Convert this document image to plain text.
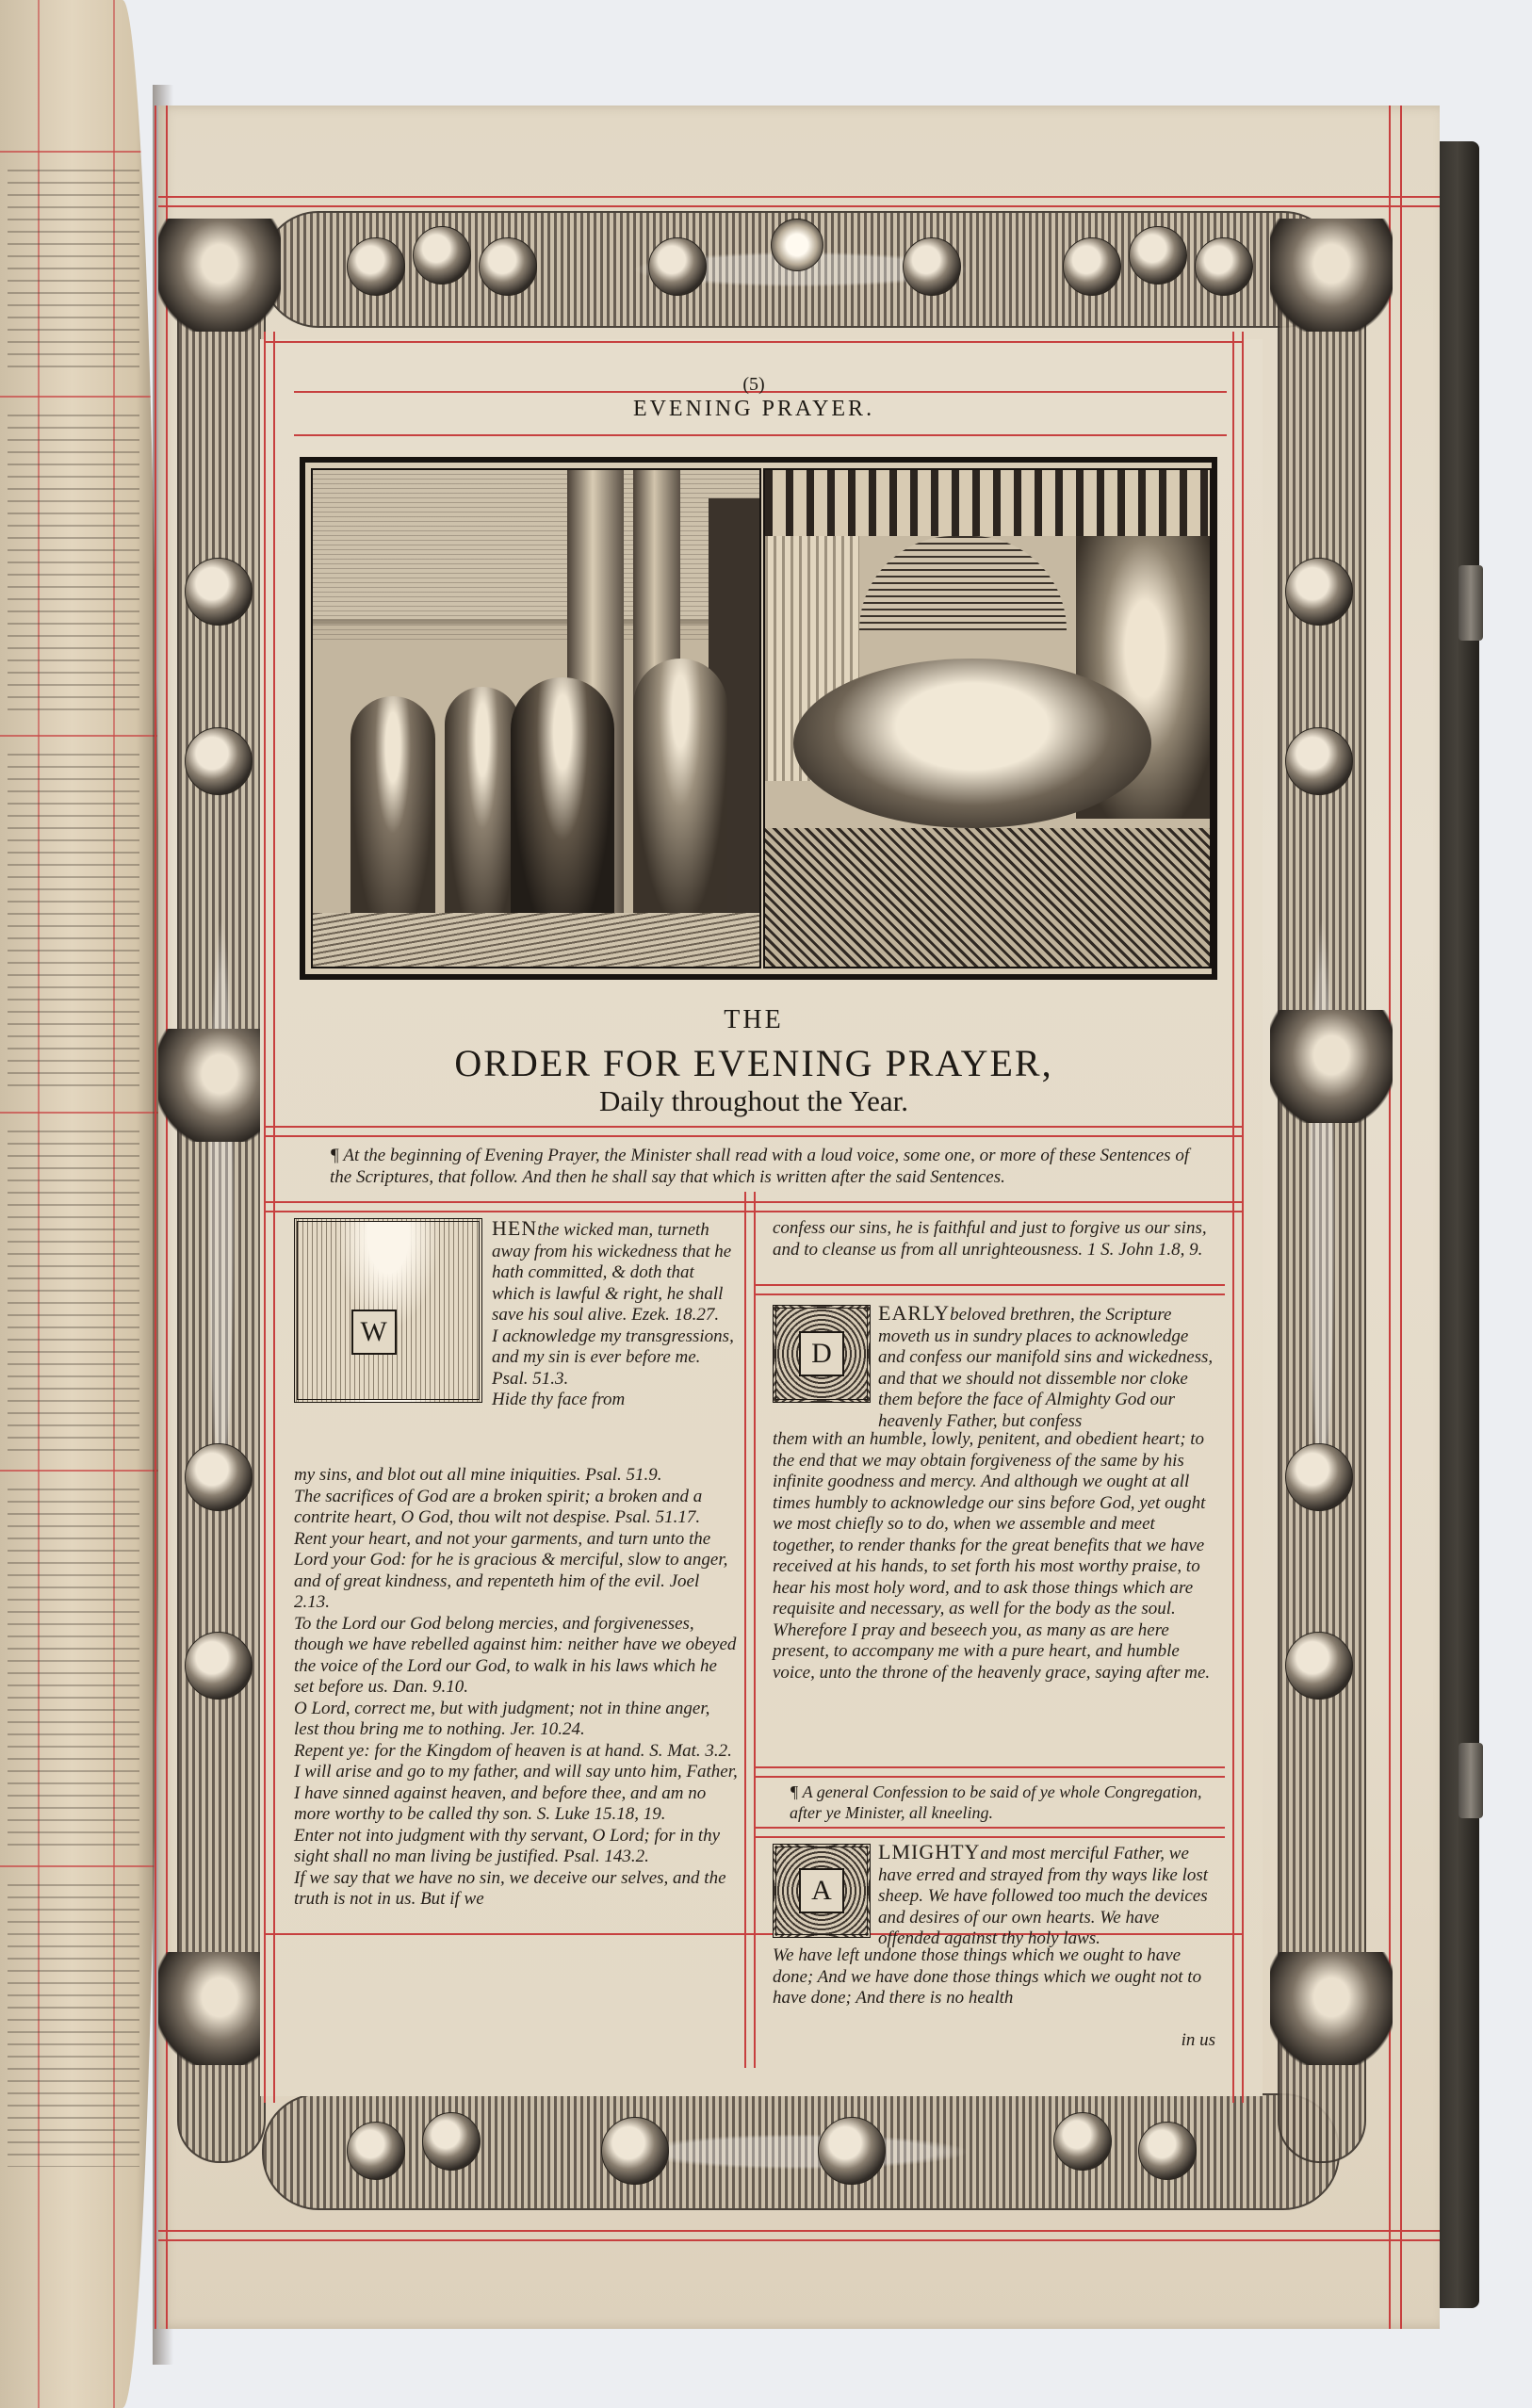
(5)
EVENING PRAYER.
THE
ORDER FOR EVENING PRAYER,
Daily throughout the Year.
¶ At the beginning of Evening Prayer, the Minister shall read with a loud voice, some one, or more of these Sentences of the Scriptures, that follow. And then he shall say that which is written after the said Sentences.
W
HENthe wicked man, turneth away from his wickedness that he hath committed, & doth that which is lawful & right, he shall save his soul alive. Ezek. 18.27.
I acknowledge my transgressions, and my sin is ever before me. Psal. 51.3.
Hide thy face from
my sins, and blot out all mine iniquities. Psal. 51.9.
The sacrifices of God are a broken spirit; a broken and a contrite heart, O God, thou wilt not despise. Psal. 51.17.
Rent your heart, and not your garments, and turn unto the Lord your God: for he is gracious & merciful, slow to anger, and of great kindness, and repenteth him of the evil. Joel 2.13.
To the Lord our God belong mercies, and forgivenesses, though we have rebelled against him: neither have we obeyed the voice of the Lord our God, to walk in his laws which he set before us. Dan. 9.10.
O Lord, correct me, but with judgment; not in thine anger, lest thou bring me to nothing. Jer. 10.24.
Repent ye: for the Kingdom of heaven is at hand. S. Mat. 3.2.
I will arise and go to my father, and will say unto him, Father, I have sinned against heaven, and before thee, and am no more worthy to be called thy son. S. Luke 15.18, 19.
Enter not into judgment with thy servant, O Lord; for in thy sight shall no man living be justified. Psal. 143.2.
If we say that we have no sin, we deceive our selves, and the truth is not in us. But if we
confess our sins, he is faithful and just to forgive us our sins, and to cleanse us from all unrighteousness. 1 S. John 1.8, 9.
D
EARLYbeloved brethren, the Scripture moveth us in sundry places to acknowledge and confess our manifold sins and wickedness, and that we should not dissemble nor cloke them before the face of Almighty God our heavenly Father, but confess
them with an humble, lowly, penitent, and obedient heart; to the end that we may obtain forgiveness of the same by his infinite goodness and mercy. And although we ought at all times humbly to acknowledge our sins before God, yet ought we most chiefly so to do, when we assemble and meet together, to render thanks for the great benefits that we have received at his hands, to set forth his most worthy praise, to hear his most holy word, and to ask those things which are requisite and necessary, as well for the body as the soul. Wherefore I pray and beseech you, as many as are here present, to accompany me with a pure heart, and humble voice, unto the throne of the heavenly grace, saying after me.
¶ A general Confession to be said of ye whole Congregation, after ye Minister, all kneeling.
A
LMIGHTYand most merciful Father, we have erred and strayed from thy ways like lost sheep. We have followed too much the devices and desires of our own hearts. We have offended against thy holy laws.
We have left undone those things which we ought to have done; And we have done those things which we ought not to have done; And there is no health
in us
